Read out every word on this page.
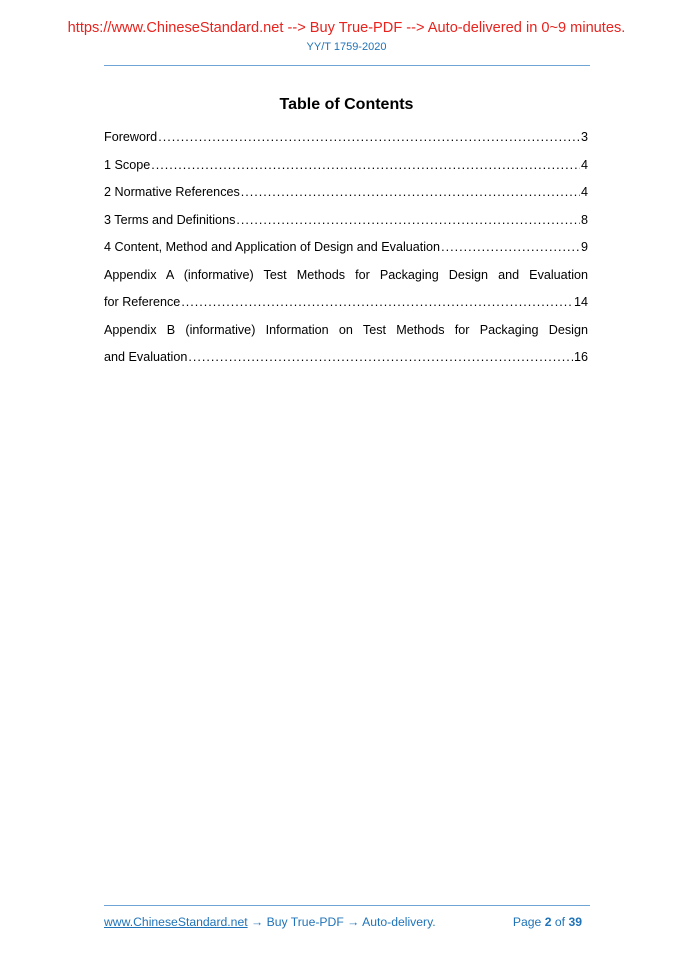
https://www.ChineseStandard.net --> Buy True-PDF --> Auto-delivered in 0~9 minutes.
YY/T 1759-2020
Table of Contents
Foreword .....	3
1 Scope .....	4
2 Normative References .....	4
3 Terms and Definitions .....	8
4 Content, Method and Application of Design and Evaluation .....	9
Appendix A (informative) Test Methods for Packaging Design and Evaluation
for Reference .....	14
Appendix B (informative) Information on Test Methods for Packaging Design
and Evaluation .....	16
www.ChineseStandard.net → Buy True-PDF → Auto-delivery.	Page 2 of 39
